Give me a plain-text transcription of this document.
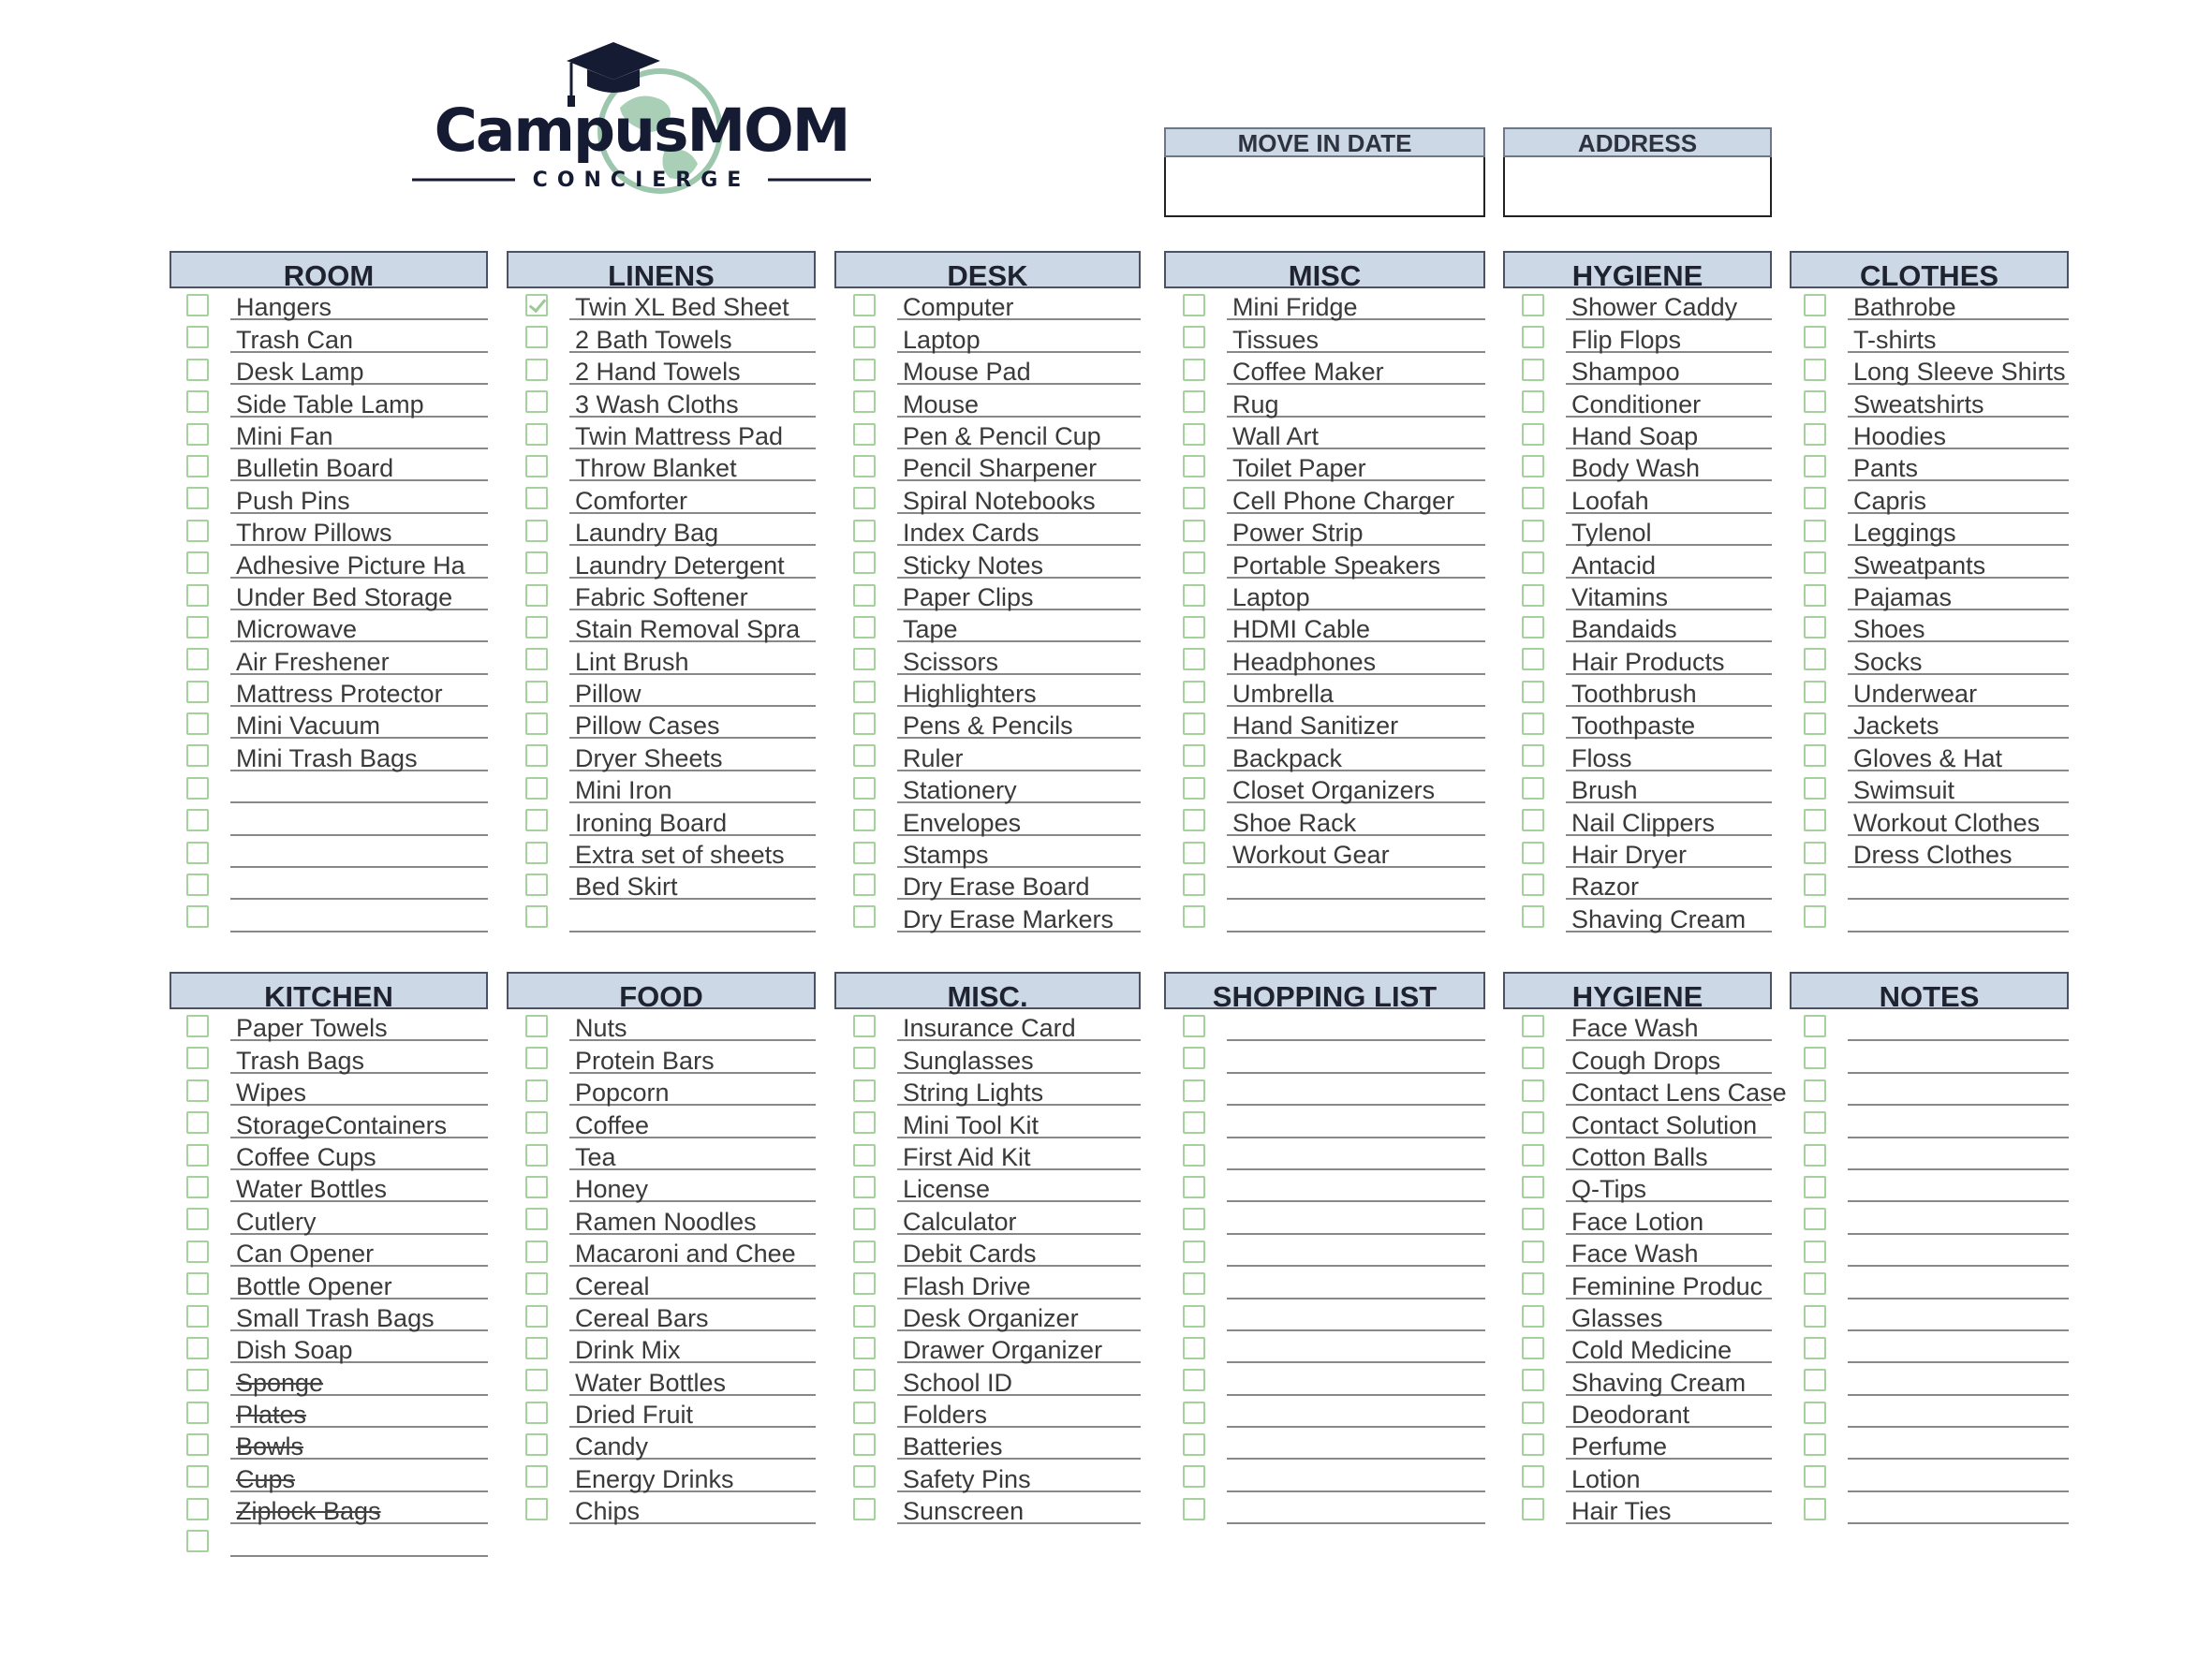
CampusMOM
CONCIERGE
MOVE IN DATE	ADDRESS
ROOM
Hangers
Trash Can
Desk Lamp
Side Table Lamp
Mini Fan
Bulletin Board
Push Pins
Throw Pillows
Adhesive Picture Ha
Under Bed Storage
Microwave
Air Freshener
Mattress Protector
Mini Vacuum
Mini Trash Bags
LINENS
Twin XL Bed Sheet
2 Bath Towels
2 Hand Towels
3 Wash Cloths
Twin Mattress Pad
Throw Blanket
Comforter
Laundry Bag
Laundry Detergent
Fabric Softener
Stain Removal Spra
Lint Brush
Pillow
Pillow Cases
Dryer Sheets
Mini Iron
Ironing Board
Extra set of sheets
Bed Skirt
DESK
Computer
Laptop
Mouse Pad
Mouse
Pen & Pencil Cup
Pencil Sharpener
Spiral Notebooks
Index Cards
Sticky Notes
Paper Clips
Tape
Scissors
Highlighters
Pens & Pencils
Ruler
Stationery
Envelopes
Stamps
Dry Erase Board
Dry Erase Markers
MISC
Mini Fridge
Tissues
Coffee Maker
Rug
Wall Art
Toilet Paper
Cell Phone Charger
Power Strip
Portable Speakers
Laptop
HDMI Cable
Headphones
Umbrella
Hand Sanitizer
Backpack
Closet Organizers
Shoe Rack
Workout Gear
HYGIENE
Shower Caddy
Flip Flops
Shampoo
Conditioner
Hand Soap
Body Wash
Loofah
Tylenol
Antacid
Vitamins
Bandaids
Hair Products
Toothbrush
Toothpaste
Floss
Brush
Nail Clippers
Hair Dryer
Razor
Shaving Cream
CLOTHES
Bathrobe
T-shirts
Long Sleeve Shirts
Sweatshirts
Hoodies
Pants
Capris
Leggings
Sweatpants
Pajamas
Shoes
Socks
Underwear
Jackets
Gloves & Hat
Swimsuit
Workout Clothes
Dress Clothes
KITCHEN
Paper Towels
Trash Bags
Wipes
StorageContainers
Coffee Cups
Water Bottles
Cutlery
Can Opener
Bottle Opener
Small Trash Bags
Dish Soap
Sponge
Plates
Bowls
Cups
Ziplock Bags
FOOD
Nuts
Protein Bars
Popcorn
Coffee
Tea
Honey
Ramen Noodles
Macaroni and Chee
Cereal
Cereal Bars
Drink Mix
Water Bottles
Dried Fruit
Candy
Energy Drinks
Chips
MISC.
Insurance Card
Sunglasses
String Lights
Mini Tool Kit
First Aid Kit
License
Calculator
Debit Cards
Flash Drive
Desk Organizer
Drawer Organizer
School ID
Folders
Batteries
Safety Pins
Sunscreen
SHOPPING LIST	HYGIENE
Face Wash
Cough Drops
Contact Lens Case
Contact Solution
Cotton Balls
Q-Tips
Face Lotion
Face Wash
Feminine Produc
Glasses
Cold Medicine
Shaving Cream
Deodorant
Perfume
Lotion
Hair Ties
NOTES
